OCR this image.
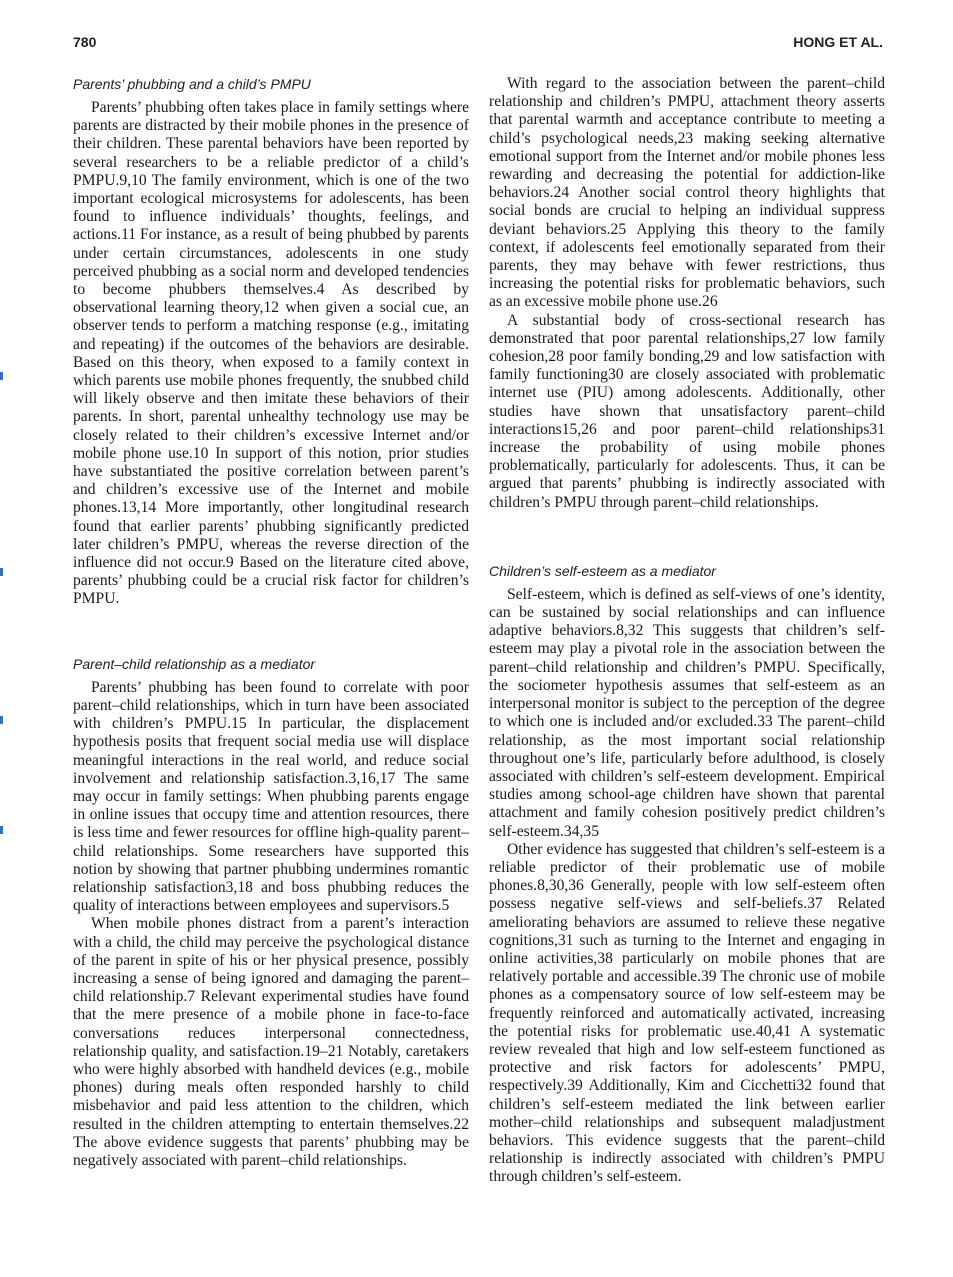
780	HONG ET AL.
Parents’ phubbing and a child’s PMPU

Parents’ phubbing often takes place in family settings where parents are distracted by their mobile phones in the presence of their children. These parental behaviors have been reported by several researchers to be a reliable predictor of a child’s PMPU.9,10 The family environment, which is one of the two important ecological microsystems for adolescents, has been found to influence individuals’ thoughts, feelings, and actions.11 For instance, as a result of being phubbed by parents under certain circumstances, adolescents in one study perceived phubbing as a social norm and developed tendencies to become phubbers themselves.4 As described by observational learning theory,12 when given a social cue, an observer tends to perform a matching response (e.g., imitating and repeating) if the outcomes of the behaviors are desirable. Based on this theory, when exposed to a family context in which parents use mobile phones frequently, the snubbed child will likely observe and then imitate these behaviors of their parents. In short, parental unhealthy technology use may be closely related to their children’s excessive Internet and/or mobile phone use.10 In support of this notion, prior studies have substantiated the positive correlation between parent’s and children’s excessive use of the Internet and mobile phones.13,14 More importantly, other longitudinal research found that earlier parents’ phubbing significantly predicted later children’s PMPU, whereas the reverse direction of the influence did not occur.9 Based on the literature cited above, parents’ phubbing could be a crucial risk factor for children’s PMPU.

Parent–child relationship as a mediator

Parents’ phubbing has been found to correlate with poor parent–child relationships, which in turn have been associated with children’s PMPU.15 In particular, the displacement hypothesis posits that frequent social media use will displace meaningful interactions in the real world, and reduce social involvement and relationship satisfaction.3,16,17 The same may occur in family settings: When phubbing parents engage in online issues that occupy time and attention resources, there is less time and fewer resources for offline high-quality parent–child relationships. Some researchers have supported this notion by showing that partner phubbing undermines romantic relationship satisfaction3,18 and boss phubbing reduces the quality of interactions between employees and supervisors.5

When mobile phones distract from a parent’s interaction with a child, the child may perceive the psychological distance of the parent in spite of his or her physical presence, possibly increasing a sense of being ignored and damaging the parent–child relationship.7 Relevant experimental studies have found that the mere presence of a mobile phone in face-to-face conversations reduces interpersonal connectedness, relationship quality, and satisfaction.19–21 Notably, caretakers who were highly absorbed with handheld devices (e.g., mobile phones) during meals often responded harshly to child misbehavior and paid less attention to the children, which resulted in the children attempting to entertain themselves.22 The above evidence suggests that parents’ phubbing may be negatively associated with parent–child relationships.

With regard to the association between the parent–child relationship and children’s PMPU, attachment theory asserts that parental warmth and acceptance contribute to meeting a child’s psychological needs,23 making seeking alternative emotional support from the Internet and/or mobile phones less rewarding and decreasing the potential for addiction-like behaviors.24 Another social control theory highlights that social bonds are crucial to helping an individual suppress deviant behaviors.25 Applying this theory to the family context, if adolescents feel emotionally separated from their parents, they may behave with fewer restrictions, thus increasing the potential risks for problematic behaviors, such as an excessive mobile phone use.26

A substantial body of cross-sectional research has demonstrated that poor parental relationships,27 low family cohesion,28 poor family bonding,29 and low satisfaction with family functioning30 are closely associated with problematic internet use (PIU) among adolescents. Additionally, other studies have shown that unsatisfactory parent–child interactions15,26 and poor parent–child relationships31 increase the probability of using mobile phones problematically, particularly for adolescents. Thus, it can be argued that parents’ phubbing is indirectly associated with children’s PMPU through parent–child relationships.

Children’s self-esteem as a mediator

Self-esteem, which is defined as self-views of one’s identity, can be sustained by social relationships and can influence adaptive behaviors.8,32 This suggests that children’s self-esteem may play a pivotal role in the association between the parent–child relationship and children’s PMPU. Specifically, the sociometer hypothesis assumes that self-esteem as an interpersonal monitor is subject to the perception of the degree to which one is included and/or excluded.33 The parent–child relationship, as the most important social relationship throughout one’s life, particularly before adulthood, is closely associated with children’s self-esteem development. Empirical studies among school-age children have shown that parental attachment and family cohesion positively predict children’s self-esteem.34,35

Other evidence has suggested that children’s self-esteem is a reliable predictor of their problematic use of mobile phones.8,30,36 Generally, people with low self-esteem often possess negative self-views and self-beliefs.37 Related ameliorating behaviors are assumed to relieve these negative cognitions,31 such as turning to the Internet and engaging in online activities,38 particularly on mobile phones that are relatively portable and accessible.39 The chronic use of mobile phones as a compensatory source of low self-esteem may be frequently reinforced and automatically activated, increasing the potential risks for problematic use.40,41 A systematic review revealed that high and low self-esteem functioned as protective and risk factors for adolescents’ PMPU, respectively.39 Additionally, Kim and Cicchetti32 found that children’s self-esteem mediated the link between earlier mother–child relationships and subsequent maladjustment behaviors. This evidence suggests that the parent–child relationship is indirectly associated with children’s PMPU through children’s self-esteem.
